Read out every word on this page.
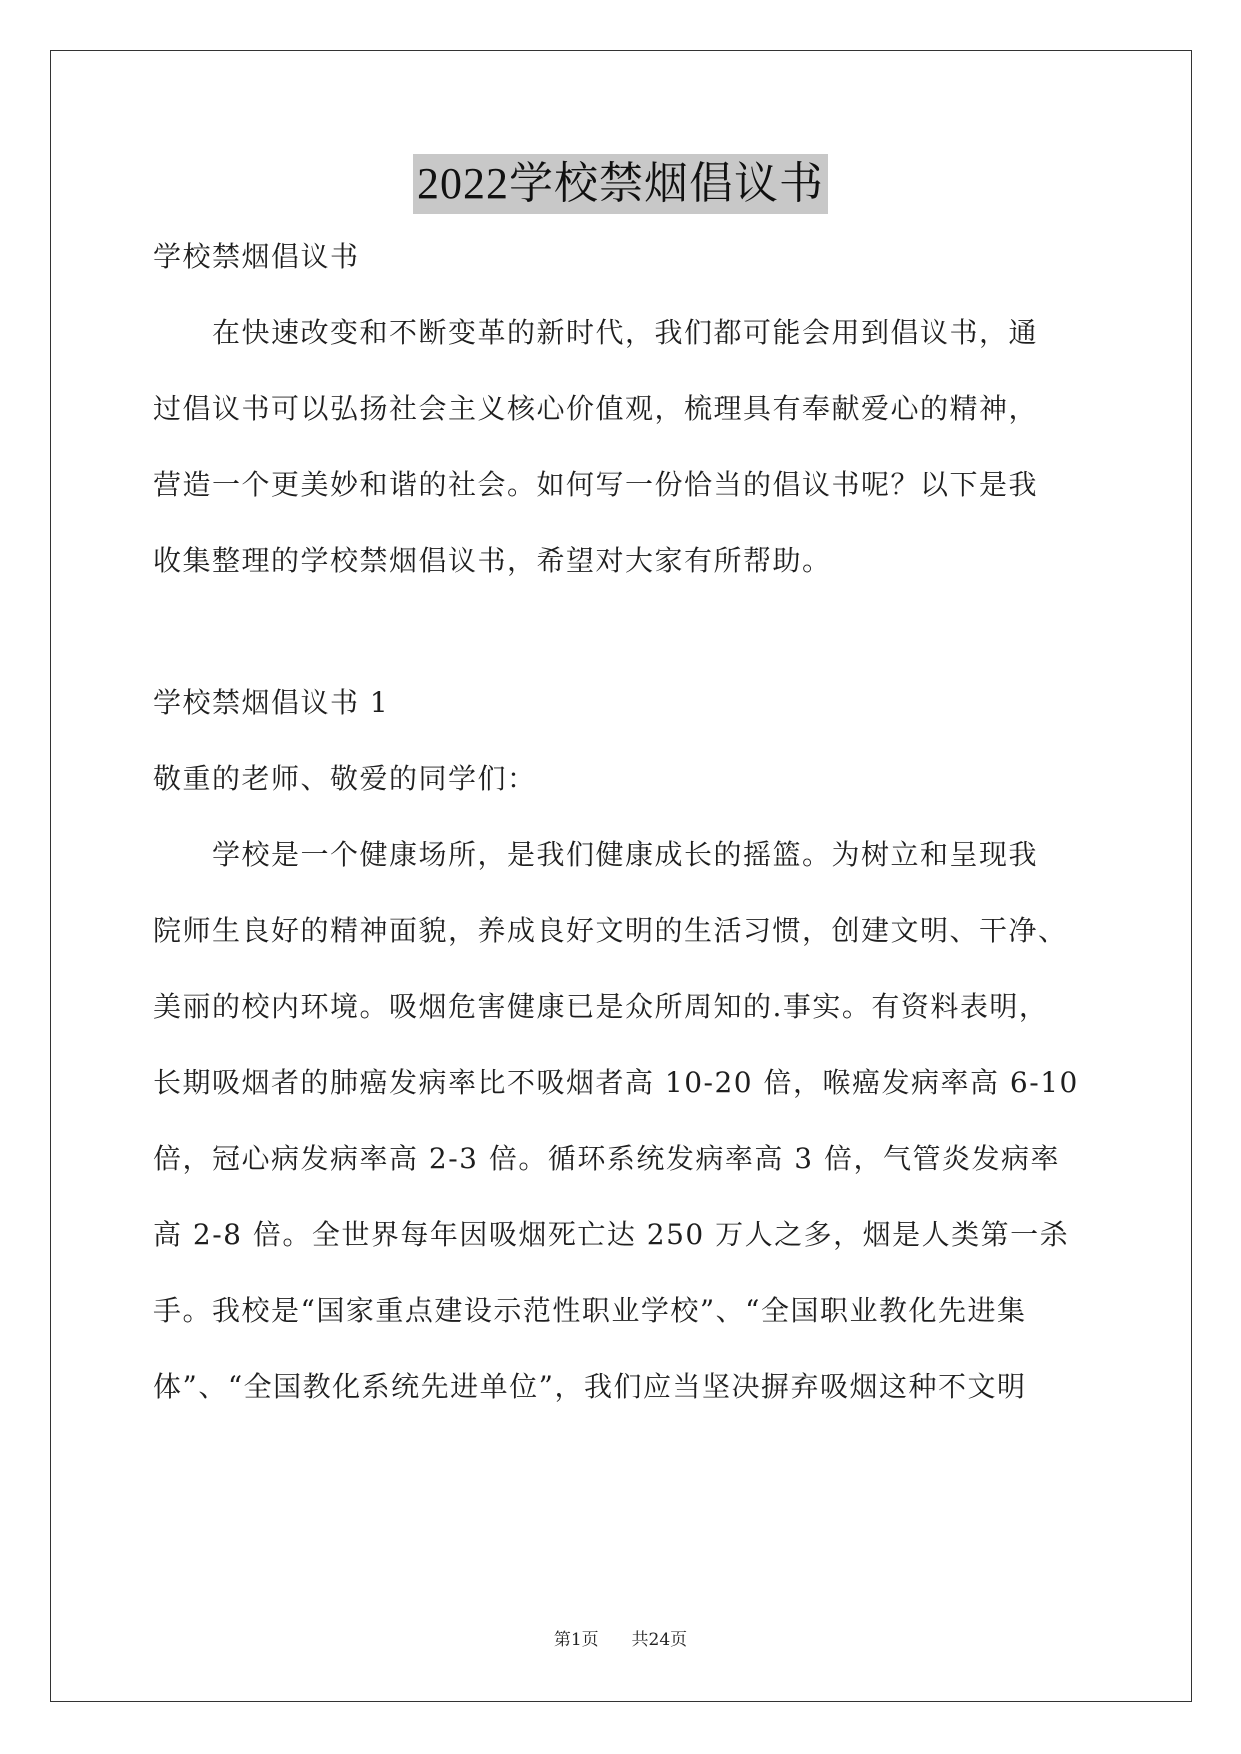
2022学校禁烟倡议书
学校禁烟倡议书
　　在快速改变和不断变革的新时代，我们都可能会用到倡议书，通
过倡议书可以弘扬社会主义核心价值观，梳理具有奉献爱心的精神，
营造一个更美妙和谐的社会。如何写一份恰当的倡议书呢？以下是我
收集整理的学校禁烟倡议书，希望对大家有所帮助。
学校禁烟倡议书 1
敬重的老师、敬爱的同学们：
　　学校是一个健康场所，是我们健康成长的摇篮。为树立和呈现我
院师生良好的精神面貌，养成良好文明的生活习惯，创建文明、干净、
美丽的校内环境。吸烟危害健康已是众所周知的.事实。有资料表明，
长期吸烟者的肺癌发病率比不吸烟者高 10-20 倍，喉癌发病率高 6-10
倍，冠心病发病率高 2-3 倍。循环系统发病率高 3 倍，气管炎发病率
高 2-8 倍。全世界每年因吸烟死亡达 250 万人之多，烟是人类第一杀
手。我校是“国家重点建设示范性职业学校”、“全国职业教化先进集
体”、“全国教化系统先进单位”，我们应当坚决摒弃吸烟这种不文明
第1页 共24页
